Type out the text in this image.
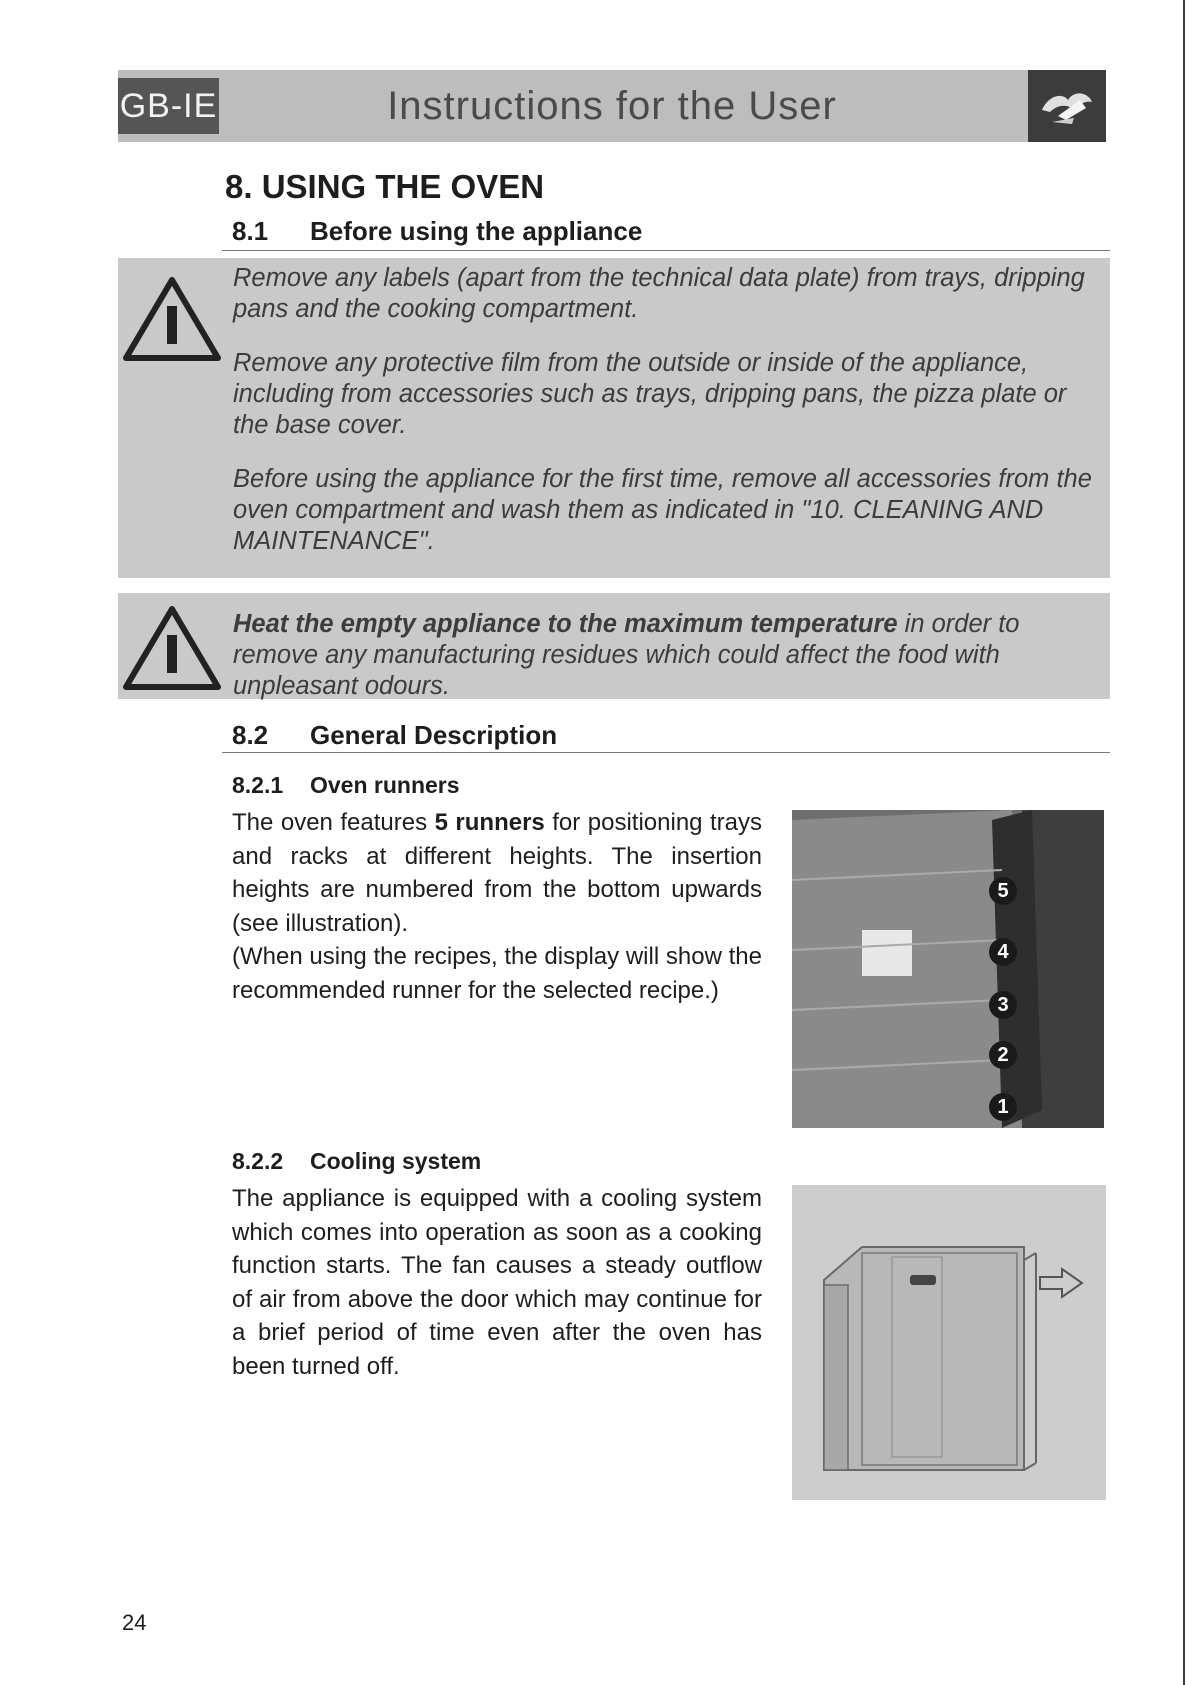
Instructions for the User
GB-IE
8. USING THE OVEN
8.1 Before using the appliance

Remove any labels (apart from the technical data plate) from trays, dripping pans and the cooking compartment.

Remove any protective film from the outside or inside of the appliance, including from accessories such as trays, dripping pans, the pizza plate or the base cover.

Before using the appliance for the first time, remove all accessories from the oven compartment and wash them as indicated in "10. CLEANING AND MAINTENANCE".

Heat the empty appliance to the maximum temperature in order to remove any manufacturing residues which could affect the food with unpleasant odours.

8.2 General Description
8.2.1 Oven runners

The oven features 5 runners for positioning trays and racks at different heights. The insertion heights are numbered from the bottom upwards (see illustration).

(When using the recipes, the display will show the recommended runner for the selected recipe.)

5
4
3
2
1
8.2.2 Cooling system

The appliance is equipped with a cooling system which comes into operation as soon as a cooking function starts. The fan causes a steady outflow of air from above the door which may continue for a brief period of time even after the oven has been turned off.

24
